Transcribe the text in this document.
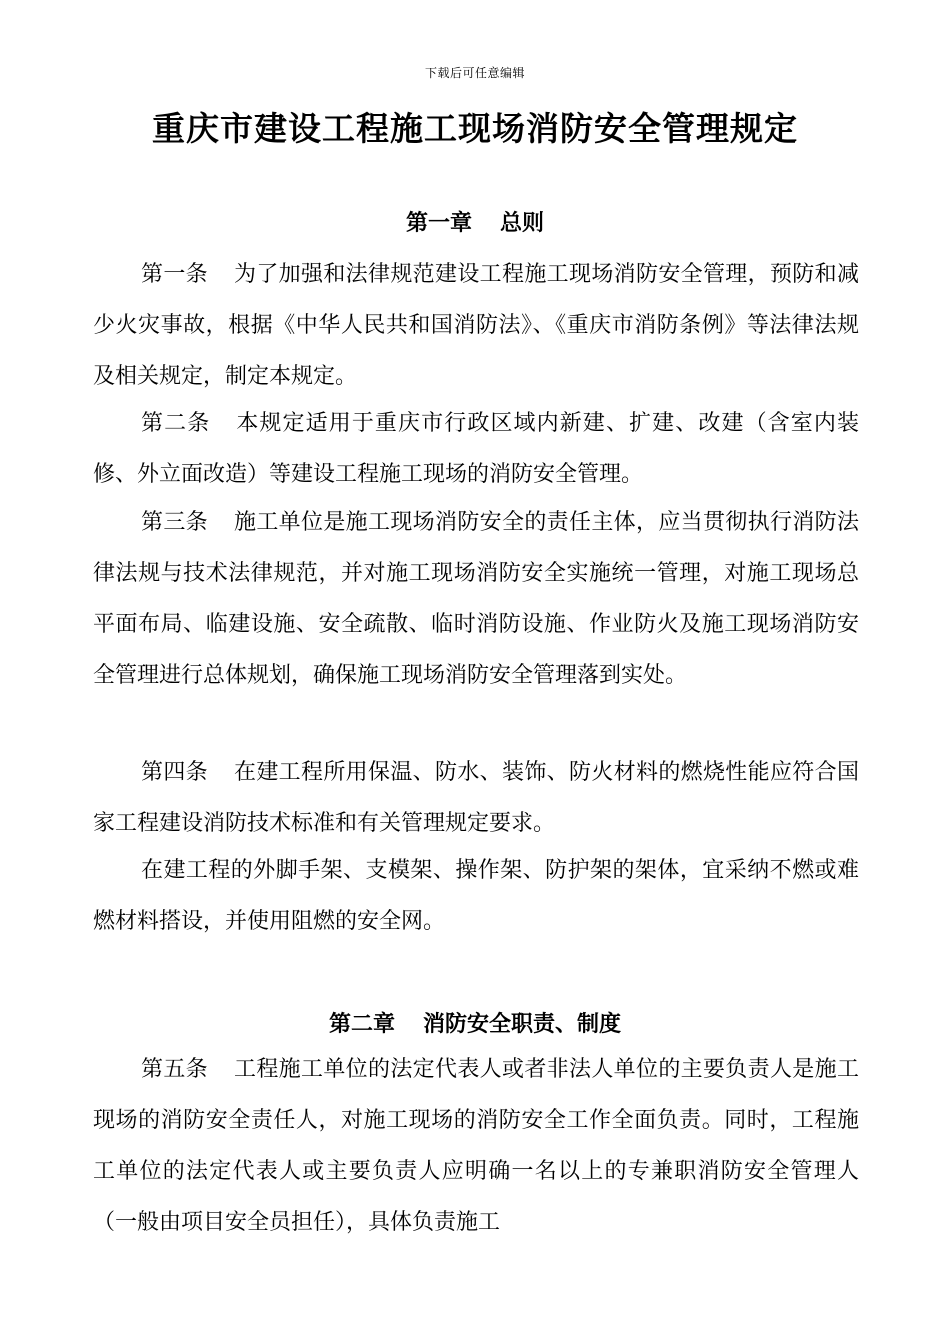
下载后可任意编辑
重庆市建设工程施工现场消防安全管理规定
第一章 总则

第一条 为了加强和法律规范建设工程施工现场消防安全管理，预防和减少火灾事故，根据《中华人民共和国消防法》、《重庆市消防条例》等法律法规及相关规定，制定本规定。

第二条 本规定适用于重庆市行政区域内新建、扩建、改建（含室内装修、外立面改造）等建设工程施工现场的消防安全管理。

第三条 施工单位是施工现场消防安全的责任主体，应当贯彻执行消防法律法规与技术法律规范，并对施工现场消防安全实施统一管理，对施工现场总平面布局、临建设施、安全疏散、临时消防设施、作业防火及施工现场消防安全管理进行总体规划，确保施工现场消防安全管理落到实处。

第四条 在建工程所用保温、防水、装饰、防火材料的燃烧性能应符合国家工程建设消防技术标准和有关管理规定要求。

在建工程的外脚手架、支模架、操作架、防护架的架体，宜采纳不燃或难燃材料搭设，并使用阻燃的安全网。

第二章 消防安全职责、制度

第五条 工程施工单位的法定代表人或者非法人单位的主要负责人是施工现场的消防安全责任人，对施工现场的消防安全工作全面负责。同时，工程施工单位的法定代表人或主要负责人应明确一名以上的专兼职消防安全管理人（一般由项目安全员担任），具体负责施工
